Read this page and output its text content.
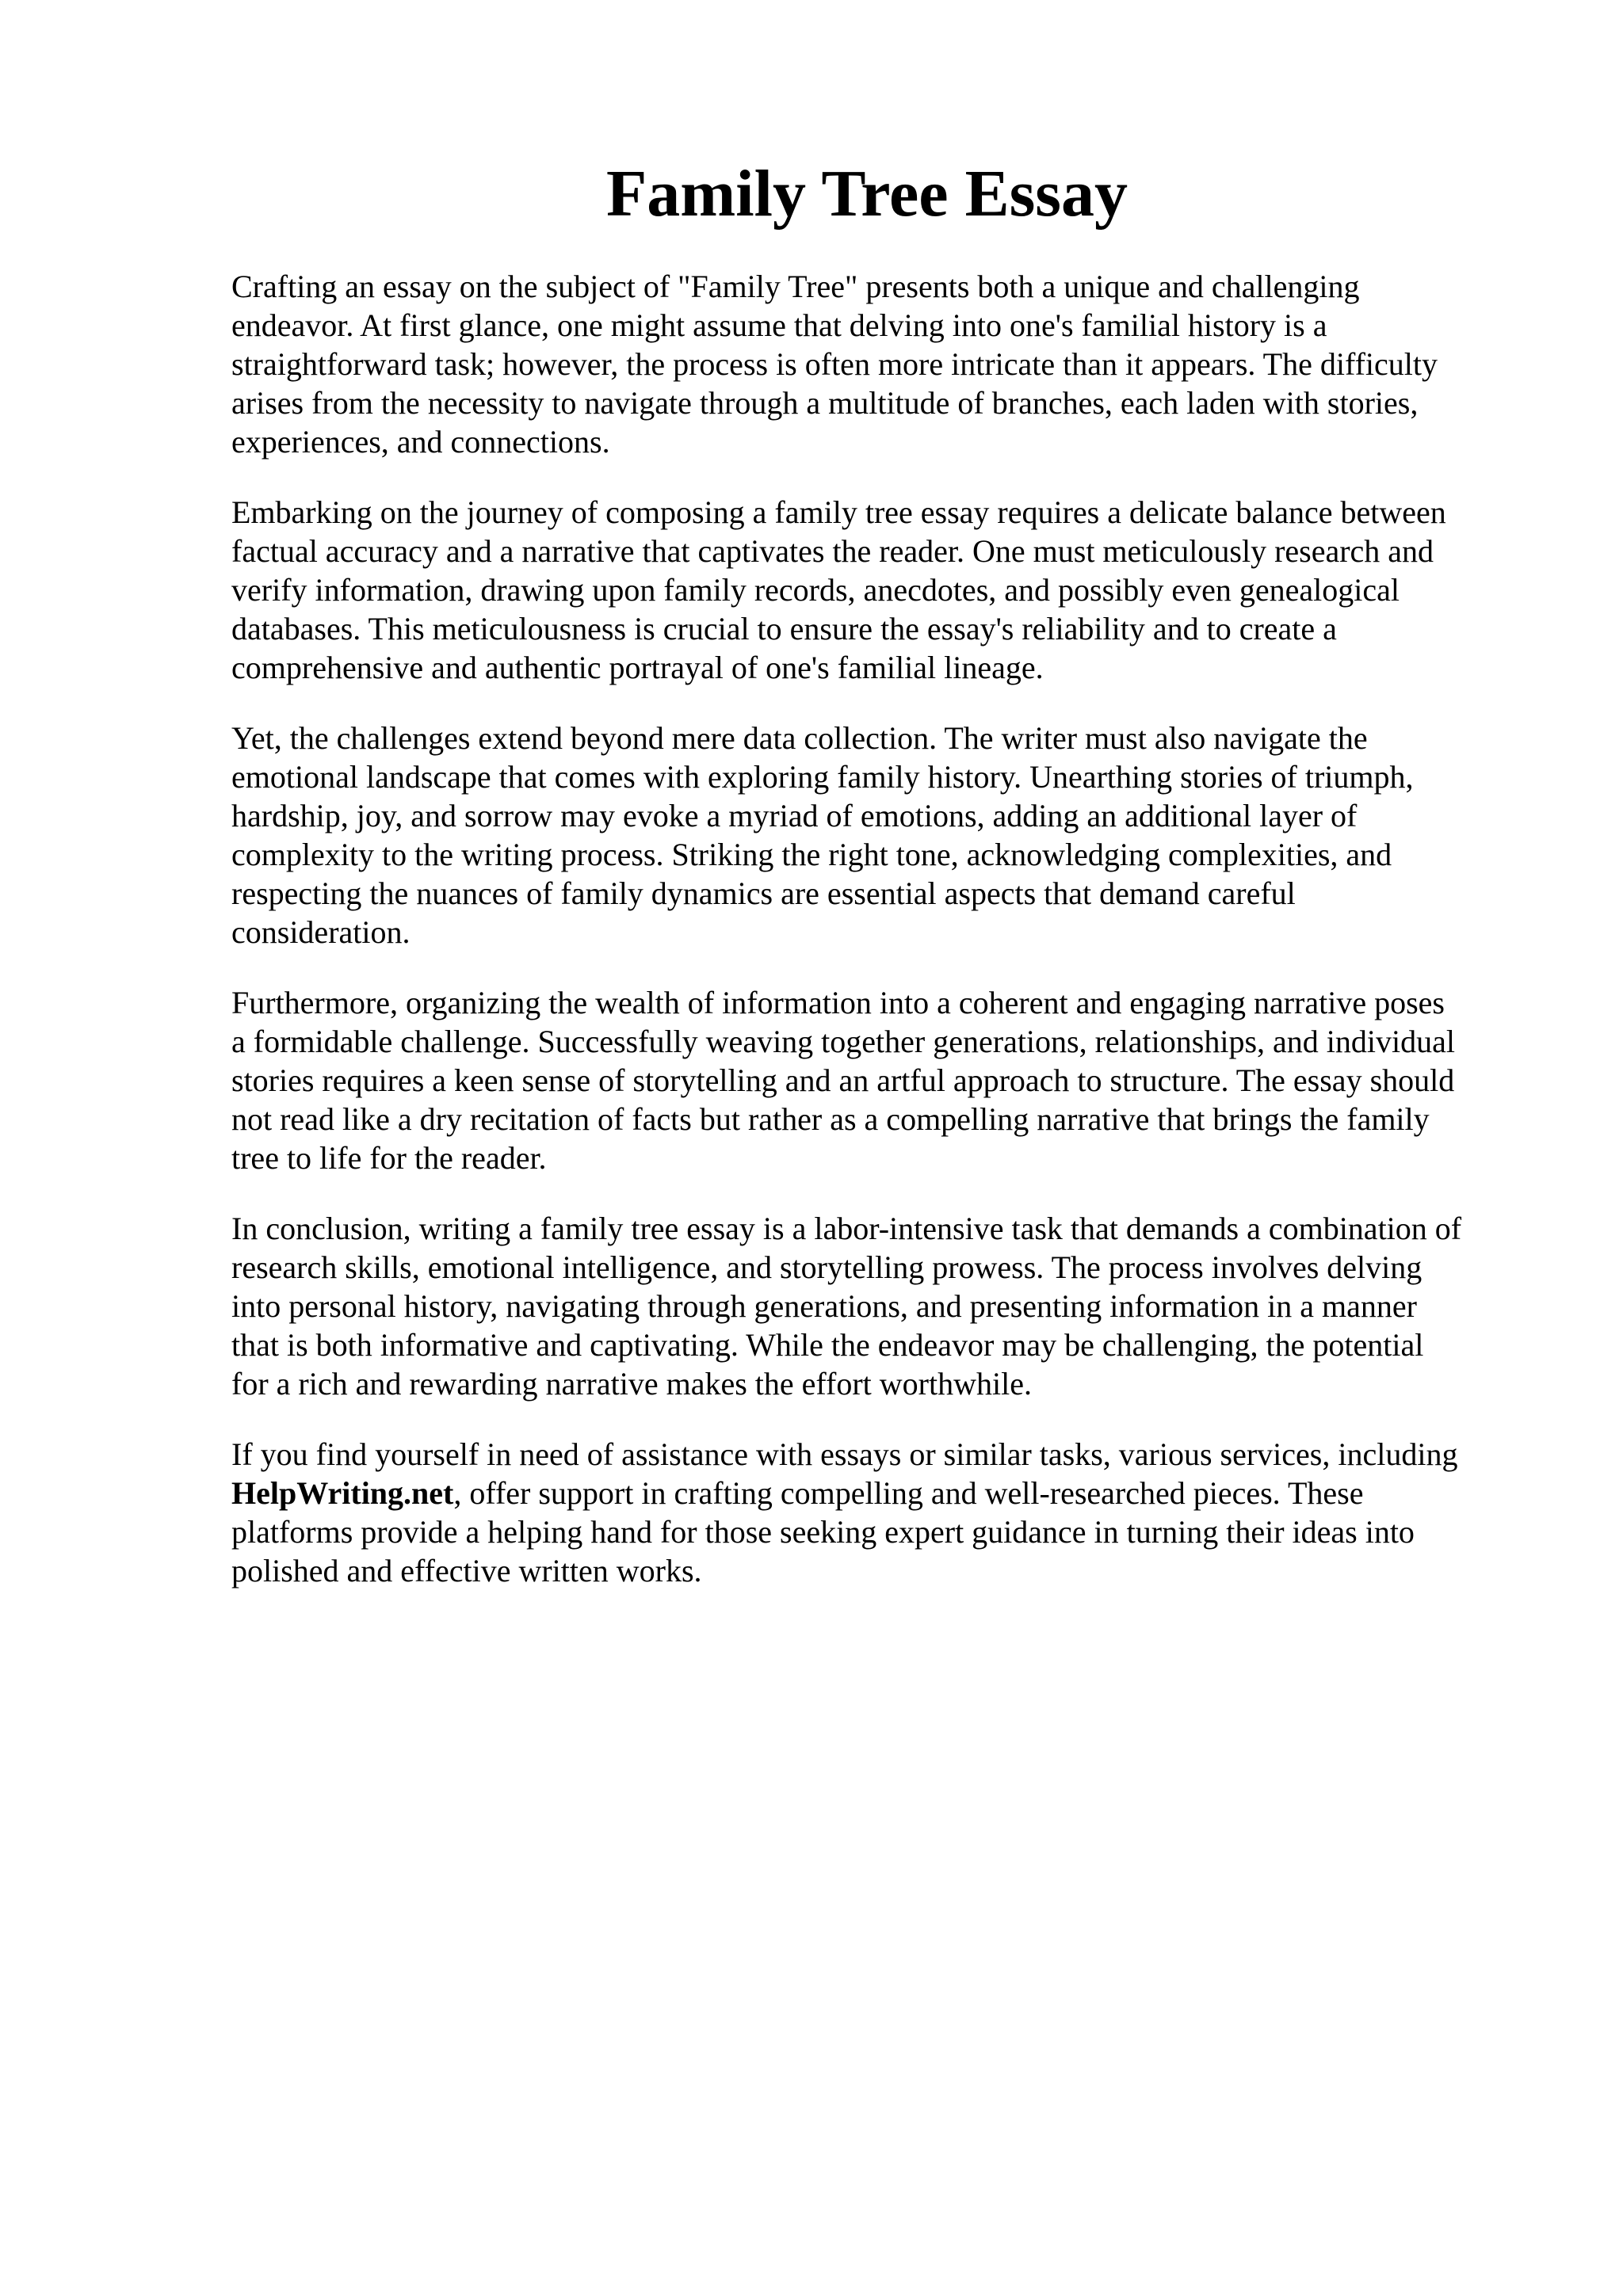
Family Tree Essay

Crafting an essay on the subject of "Family Tree" presents both a unique and challenging
endeavor. At first glance, one might assume that delving into one's familial history is a
straightforward task; however, the process is often more intricate than it appears. The difficulty
arises from the necessity to navigate through a multitude of branches, each laden with stories,
experiences, and connections.

Embarking on the journey of composing a family tree essay requires a delicate balance between
factual accuracy and a narrative that captivates the reader. One must meticulously research and
verify information, drawing upon family records, anecdotes, and possibly even genealogical
databases. This meticulousness is crucial to ensure the essay's reliability and to create a
comprehensive and authentic portrayal of one's familial lineage.

Yet, the challenges extend beyond mere data collection. The writer must also navigate the
emotional landscape that comes with exploring family history. Unearthing stories of triumph,
hardship, joy, and sorrow may evoke a myriad of emotions, adding an additional layer of
complexity to the writing process. Striking the right tone, acknowledging complexities, and
respecting the nuances of family dynamics are essential aspects that demand careful
consideration.

Furthermore, organizing the wealth of information into a coherent and engaging narrative poses
a formidable challenge. Successfully weaving together generations, relationships, and individual
stories requires a keen sense of storytelling and an artful approach to structure. The essay should
not read like a dry recitation of facts but rather as a compelling narrative that brings the family
tree to life for the reader.

In conclusion, writing a family tree essay is a labor-intensive task that demands a combination of
research skills, emotional intelligence, and storytelling prowess. The process involves delving
into personal history, navigating through generations, and presenting information in a manner
that is both informative and captivating. While the endeavor may be challenging, the potential
for a rich and rewarding narrative makes the effort worthwhile.

If you find yourself in need of assistance with essays or similar tasks, various services, including
HelpWriting.net, offer support in crafting compelling and well-researched pieces. These
platforms provide a helping hand for those seeking expert guidance in turning their ideas into
polished and effective written works.
